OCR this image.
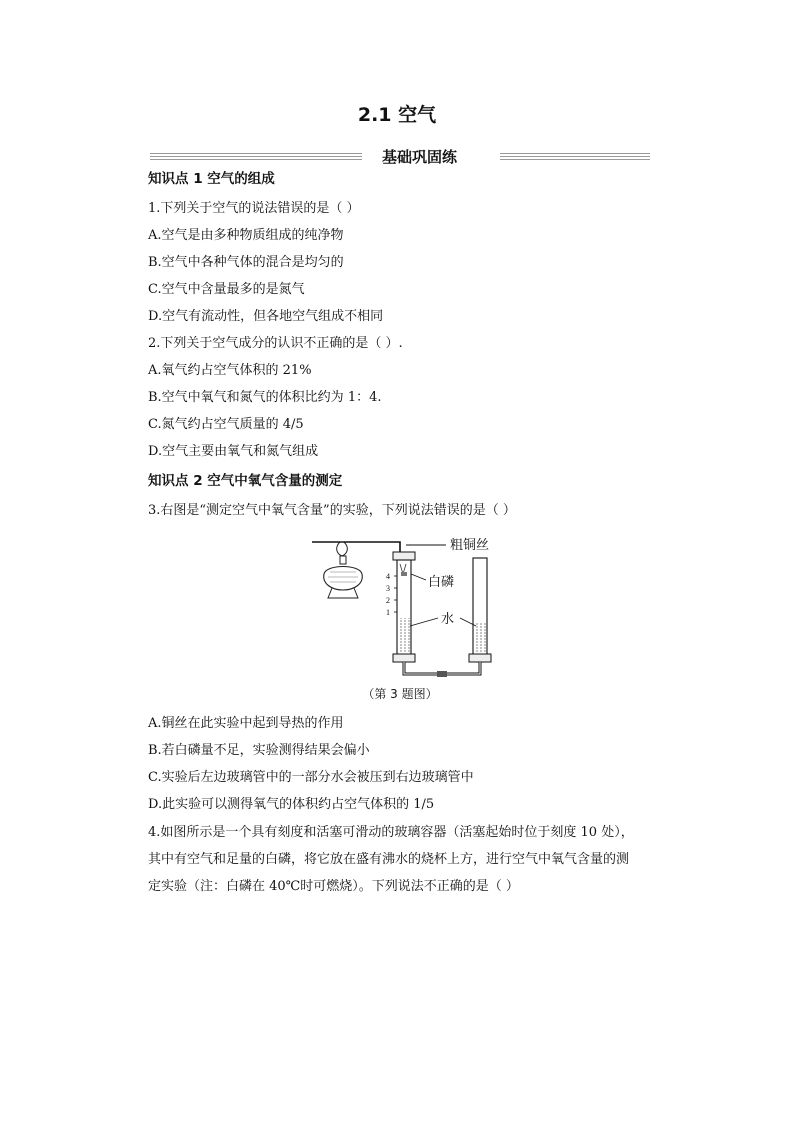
2.1 空气
基础巩固练
知识点 1 空气的组成
1.下列关于空气的说法错误的是（ ）
A.空气是由多种物质组成的纯净物
B.空气中各种气体的混合是均匀的
C.空气中含量最多的是氮气
D.空气有流动性，但各地空气组成不相同
2.下列关于空气成分的认识不正确的是（ ）.
A.氧气约占空气体积的 21%
B.空气中氧气和氮气的体积比约为 1：4.
C.氮气约占空气质量的 4/5
D.空气主要由氧气和氮气组成
知识点 2 空气中氧气含量的测定
3.右图是“测定空气中氧气含量”的实验，下列说法错误的是（ ）
4
3
2
1
粗铜丝
白磷
水
（第 3 题图）
A.铜丝在此实验中起到导热的作用
B.若白磷量不足，实验测得结果会偏小
C.实验后左边玻璃管中的一部分水会被压到右边玻璃管中
D.此实验可以测得氧气的体积约占空气体积的 1/5
4.如图所示是一个具有刻度和活塞可滑动的玻璃容器（活塞起始时位于刻度 10 处），
其中有空气和足量的白磷，将它放在盛有沸水的烧杯上方，进行空气中氧气含量的测
定实验（注：白磷在 40℃时可燃烧）。下列说法不正确的是（ ）
